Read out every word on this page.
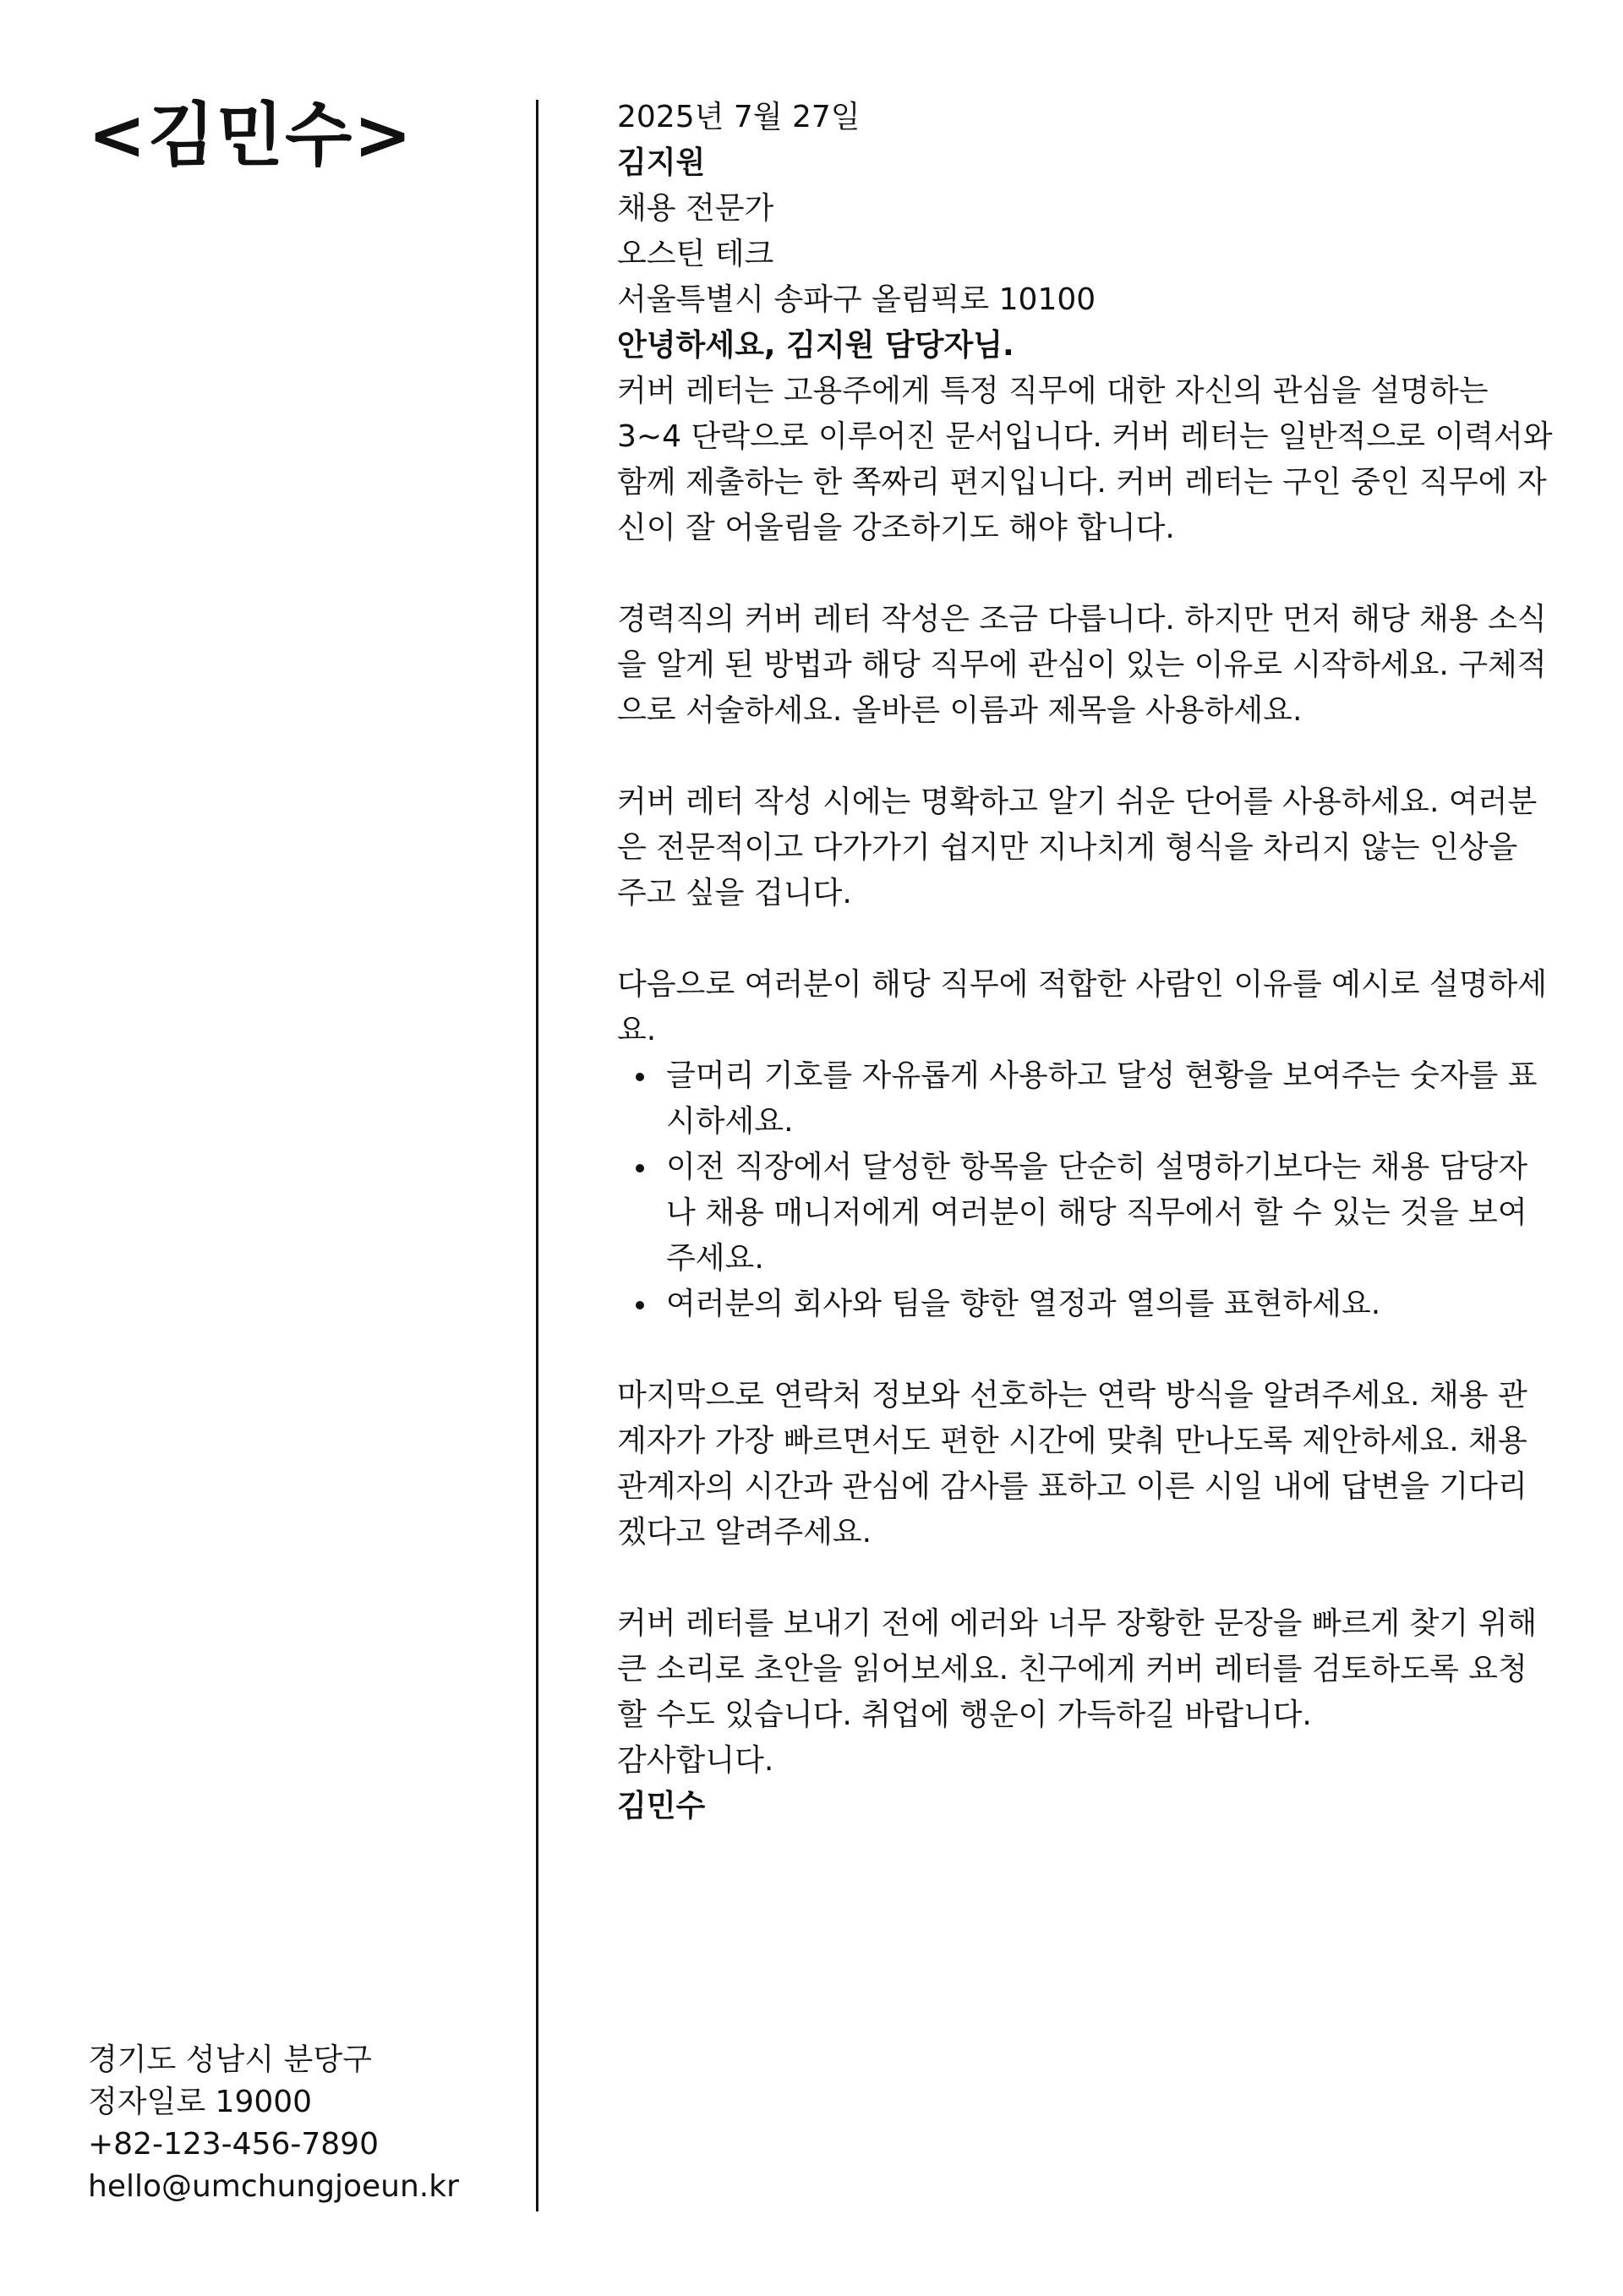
<김민수>
경기도 성남시 분당구
정자일로 19000
+82-123-456-7890
hello@umchungjoeun.kr

2025년 7월 27일

김지원
채용 전문가
오스틴 테크
서울특별시 송파구 올림픽로 10100

안녕하세요, 김지원 담당자님.

커버 레터는 고용주에게 특정 직무에 대한 자신의 관심을 설명하는 3~4 단락으로 이루어진 문서입니다. 커버 레터는 일반적으로 이력서와 함께 제출하는 한 쪽짜리 편지입니다. 커버 레터는 구인 중인 직무에 자신이 잘 어울림을 강조하기도 해야 합니다.

경력직의 커버 레터 작성은 조금 다릅니다. 하지만 먼저 해당 채용 소식을 알게 된 방법과 해당 직무에 관심이 있는 이유로 시작하세요. 구체적으로 서술하세요. 올바른 이름과 제목을 사용하세요.

커버 레터 작성 시에는 명확하고 알기 쉬운 단어를 사용하세요. 여러분은 전문적이고 다가가기 쉽지만 지나치게 형식을 차리지 않는 인상을 주고 싶을 겁니다.

다음으로 여러분이 해당 직무에 적합한 사람인 이유를 예시로 설명하세요.

글머리 기호를 자유롭게 사용하고 달성 현황을 보여주는 숫자를 표시하세요.
이전 직장에서 달성한 항목을 단순히 설명하기보다는 채용 담당자나 채용 매니저에게 여러분이 해당 직무에서 할 수 있는 것을 보여주세요.
여러분의 회사와 팀을 향한 열정과 열의를 표현하세요.

마지막으로 연락처 정보와 선호하는 연락 방식을 알려주세요. 채용 관계자가 가장 빠르면서도 편한 시간에 맞춰 만나도록 제안하세요. 채용 관계자의 시간과 관심에 감사를 표하고 이른 시일 내에 답변을 기다리겠다고 알려주세요.

커버 레터를 보내기 전에 에러와 너무 장황한 문장을 빠르게 찾기 위해 큰 소리로 초안을 읽어보세요. 친구에게 커버 레터를 검토하도록 요청할 수도 있습니다. 취업에 행운이 가득하길 바랍니다.

감사합니다.

김민수
